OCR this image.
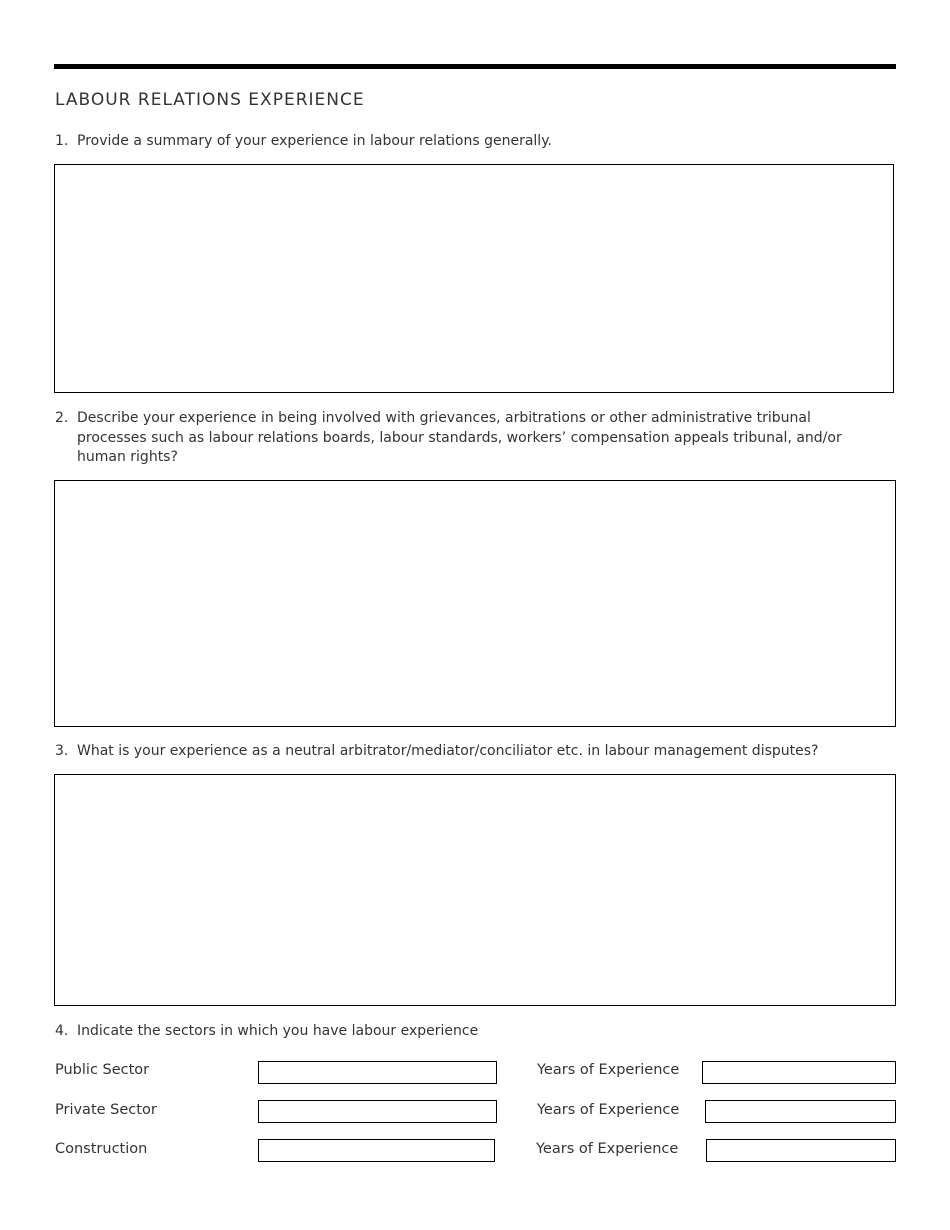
LABOUR RELATIONS EXPERIENCE
1. Provide a summary of your experience in labour relations generally.
2. Describe your experience in being involved with grievances, arbitrations or other administrative tribunal processes such as labour relations boards, labour standards, workers’ compensation appeals tribunal, and/or human rights?
3. What is your experience as a neutral arbitrator/mediator/conciliator etc. in labour management disputes?
4. Indicate the sectors in which you have labour experience
Public Sector	Years of Experience
Private Sector	Years of Experience
Construction	Years of Experience
